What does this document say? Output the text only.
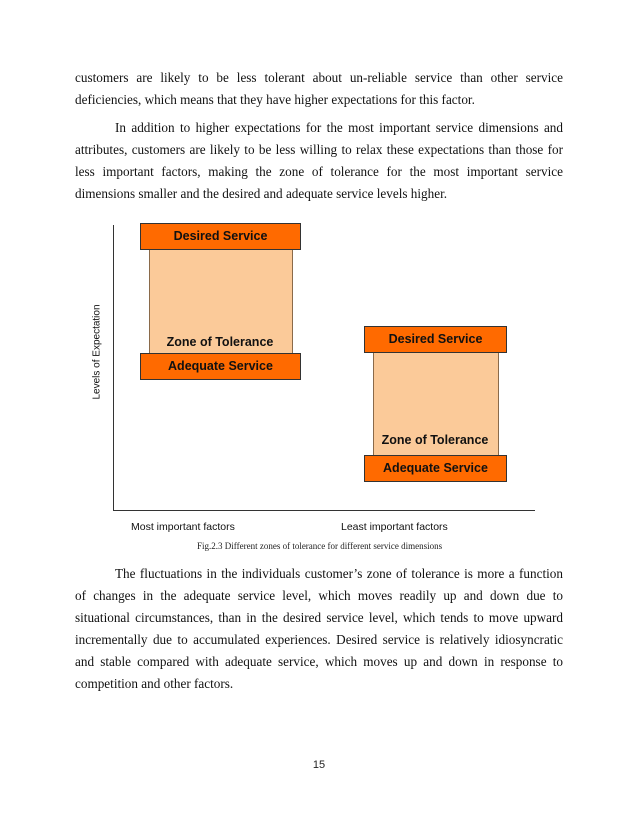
customers are likely to be less tolerant about un-reliable service than other service deficiencies, which means that they have higher expectations for this factor.
In addition to higher expectations for the most important service dimensions and attributes, customers are likely to be less willing to relax these expectations than those for less important factors, making the zone of tolerance for the most important service dimensions smaller and the desired and adequate service levels higher.
Levels of Expectation
Desired Service
Zone of Tolerance
Adequate Service
Desired Service
Zone of Tolerance
Adequate Service
Most important factors	Least important factors
Fig.2.3 Different zones of tolerance for different service dimensions
The fluctuations in the individuals customer’s zone of tolerance is more a function of changes in the adequate service level, which moves readily up and down due to situational circumstances, than in the desired service level, which tends to move upward incrementally due to accumulated experiences. Desired service is relatively idiosyncratic and stable compared with adequate service, which moves up and down in response to competition and other factors.
15
